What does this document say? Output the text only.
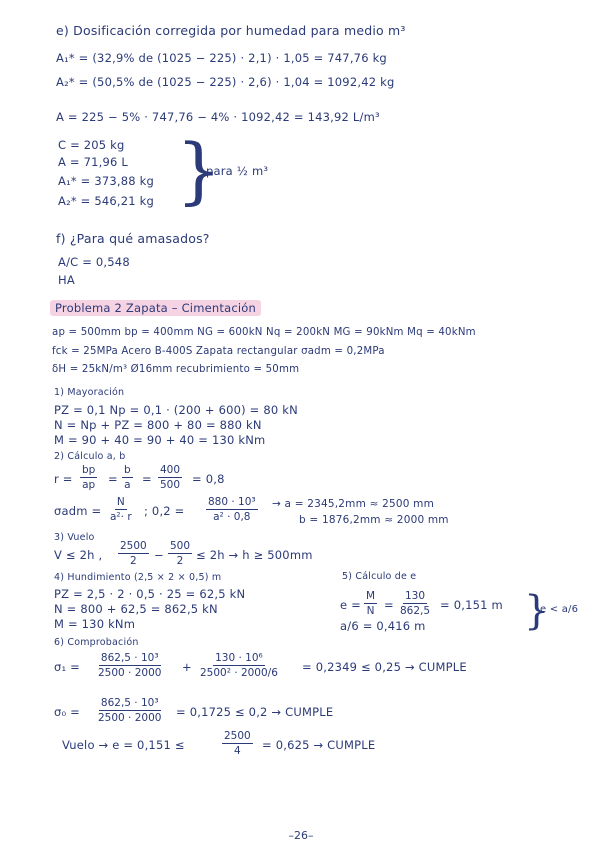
e) Dosificación corregida por humedad para medio m³
A₁* = (32,9% de (1025 − 225) · 2,1) · 1,05 = 747,76 kg
A₂* = (50,5% de (1025 − 225) · 2,6) · 1,04 = 1092,42 kg
A = 225 − 5% · 747,76 − 4% · 1092,42 = 143,92 L/m³
C = 205 kg
A = 71,96 L
A₁* = 373,88 kg
A₂* = 546,21 kg }
para ½ m³
f) ¿Para qué amasados?
A/C = 0,548
HA
Problema 2 Zapata – Cimentación
ap = 500mm bp = 400mm NG = 600kN Nq = 200kN MG = 90kNm Mq = 40kNm
fck = 25MPa Acero B-400S Zapata rectangular σadm = 0,2MPa
δH = 25kN/m³ Ø16mm recubrimiento = 50mm
1) Mayoración
PZ = 0,1 Np = 0,1 · (200 + 600) = 80 kN
N = Np + PZ = 800 + 80 = 880 kN
M = 90 + 40 = 90 + 40 = 130 kNm
2) Cálculo a, b
$r = \frac{bp}{ap} = \frac{b}{a} = \frac{400}{500} = 0,8$
$\sigma adm = \frac{N}{\text{a²· r}}$ ; $0,2 = \frac{\text{880 · 10³}}{\text{a² · 0,8}} \to a = 2345,2mm \approx 2500$ mm
b = 1876,2mm ≈ 2000 mm
3) Vuelo
V ≤ 2h , $\frac{2500}{2} - \frac{500}{2} \le 2h \to h \ge 500mm$
4) Hundimiento (2,5 × 2 × 0,5) m
PZ = 2,5 · 2 · 0,5 · 25 = 62,5 kN
N = 800 + 62,5 = 862,5 kN
M = 130 kNm
5) Cálculo de e
$e = \frac{M}{N} = \frac{130}{862,5} = 0,151$ m
a/6 = 0,416 m }
e < a/6
6) Comprobación
$\sigma_1 = \frac{\text{862,5 · 10³}}{2500 \cdot 2000} + \frac{\text{130 · 10⁶}}{\text{2500² · 2000/6}} = 0,2349 \le 0,25$ → CUMPLE
$\sigma_0 = \frac{\text{862,5 · 10³}}{2500 \cdot 2000} = 0,1725 \le 0,2$ → CUMPLE
Vuelo → e = 0,151 ≤	$\frac{2500}{4} = 0,625$ → CUMPLE
–26–
